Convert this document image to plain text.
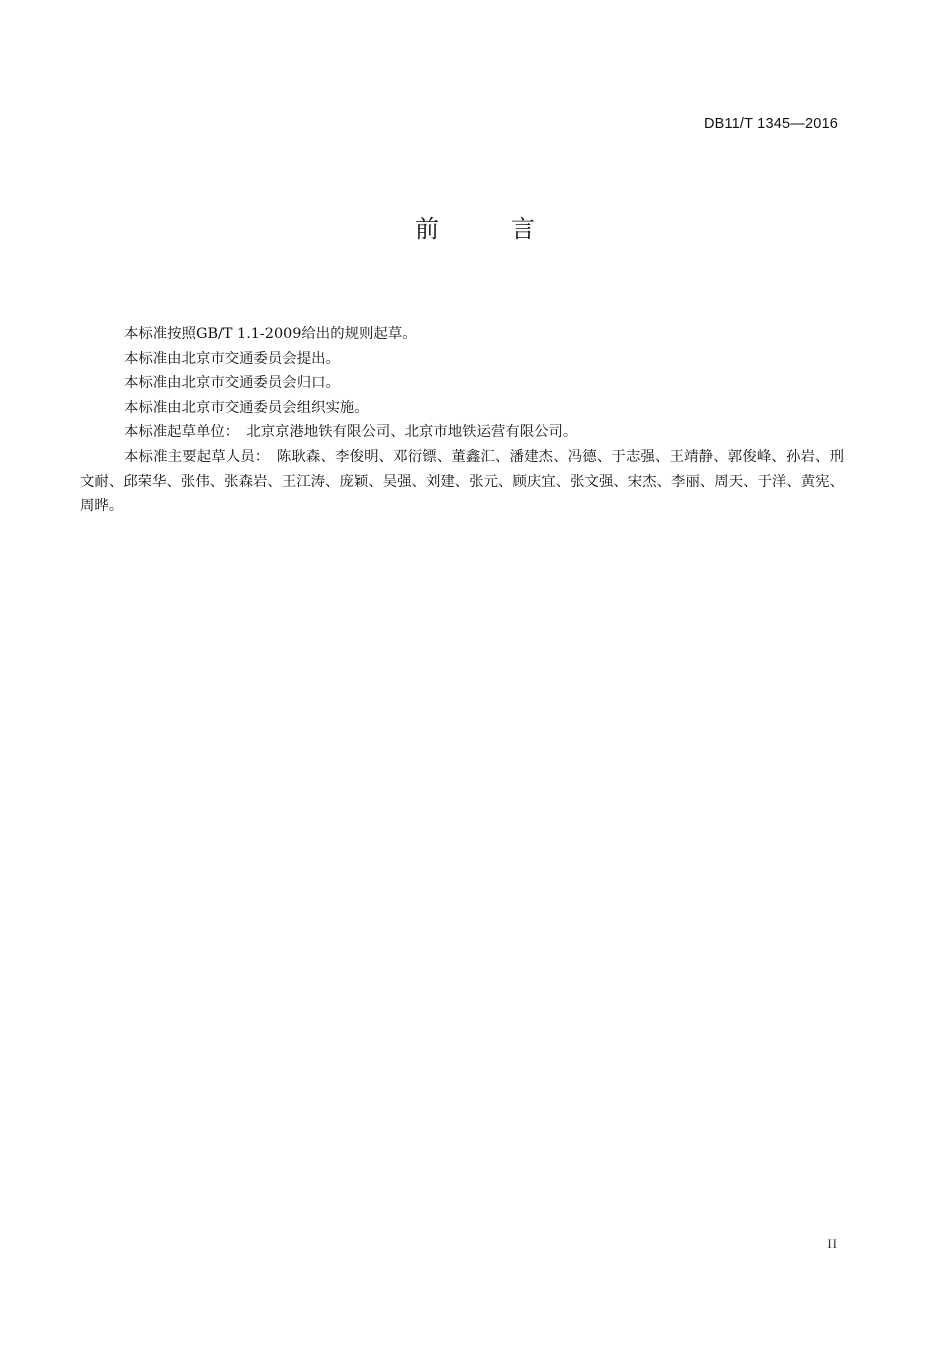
DB11/T 1345—2016
前　言

本标准按照GB/T 1.1-2009给出的规则起草。

本标准由北京市交通委员会提出。

本标准由北京市交通委员会归口。

本标准由北京市交通委员会组织实施。

本标准起草单位：　北京京港地铁有限公司、北京市地铁运营有限公司。

本标准主要起草人员：　陈耿森、李俊明、邓衍镖、董鑫汇、潘建杰、冯德、于志强、王靖静、郭俊峰、孙岩、刑文耐、邱荣华、张伟、张森岩、王江涛、庞颖、吴强、刘建、张元、顾庆宜、张文强、宋杰、李丽、周天、于洋、黄宪、周晔。

II
